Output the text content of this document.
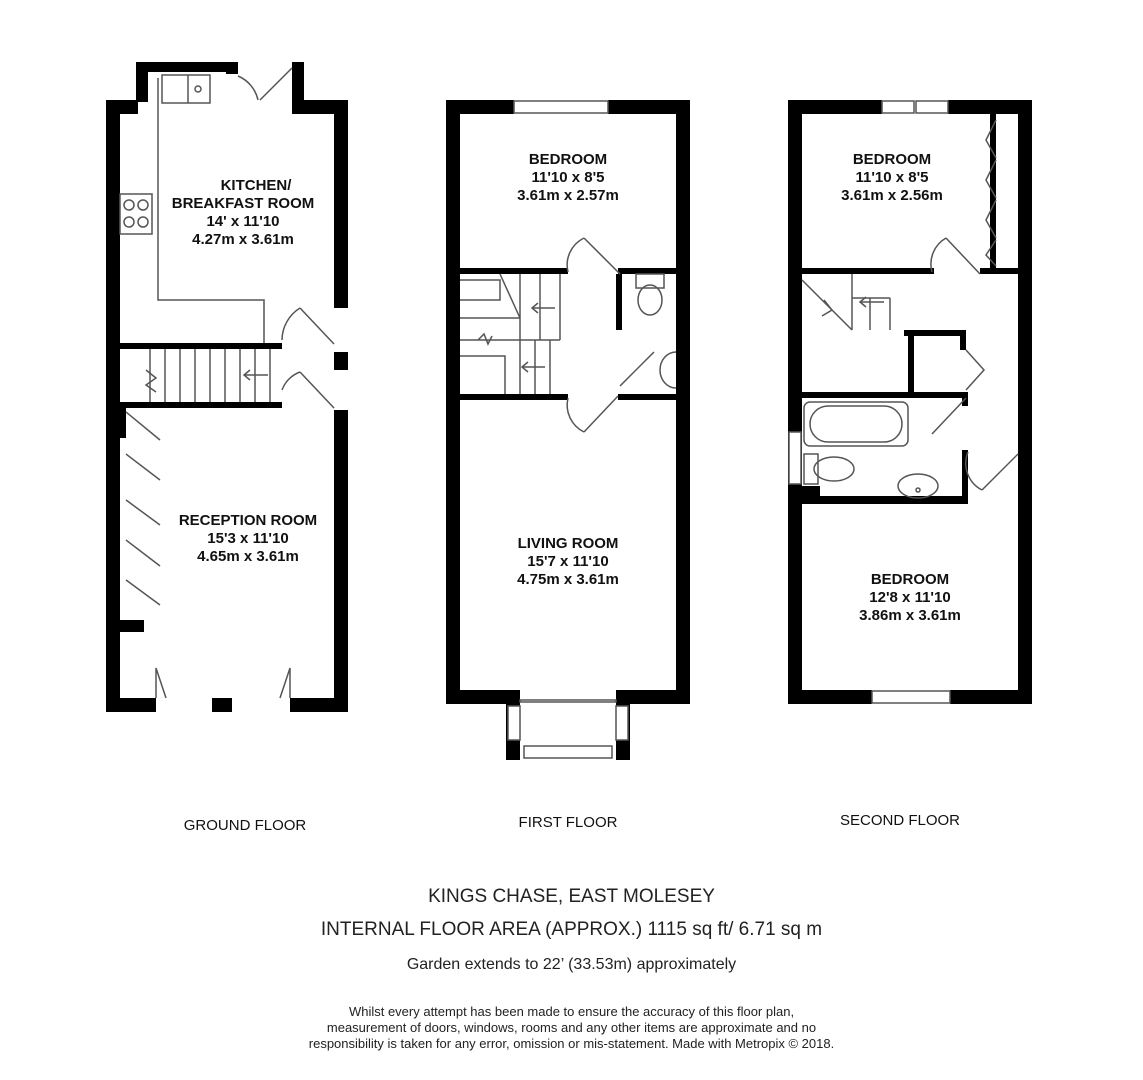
KITCHEN/
BREAKFAST ROOM
14' x 11'10
4.27m x 3.61m
RECEPTION ROOM
15'3 x 11'10
4.65m x 3.61m
GROUND FLOOR
BEDROOM
11'10 x 8'5
3.61m x 2.57m
LIVING ROOM
15'7 x 11'10
4.75m x 3.61m
FIRST FLOOR
BEDROOM
11'10 x 8'5
3.61m x 2.56m
BEDROOM
12'8 x 11'10
3.86m x 3.61m
SECOND FLOOR
KINGS CHASE, EAST MOLESEY
INTERNAL FLOOR AREA (APPROX.) 1115 sq ft/ 6.71 sq m
Garden extends to 22’ (33.53m) approximately
Whilst every attempt has been made to ensure the accuracy of this floor plan,
measurement of doors, windows, rooms and any other items are approximate and no
responsibility is taken for any error, omission or mis-statement. Made with Metropix © 2018.
